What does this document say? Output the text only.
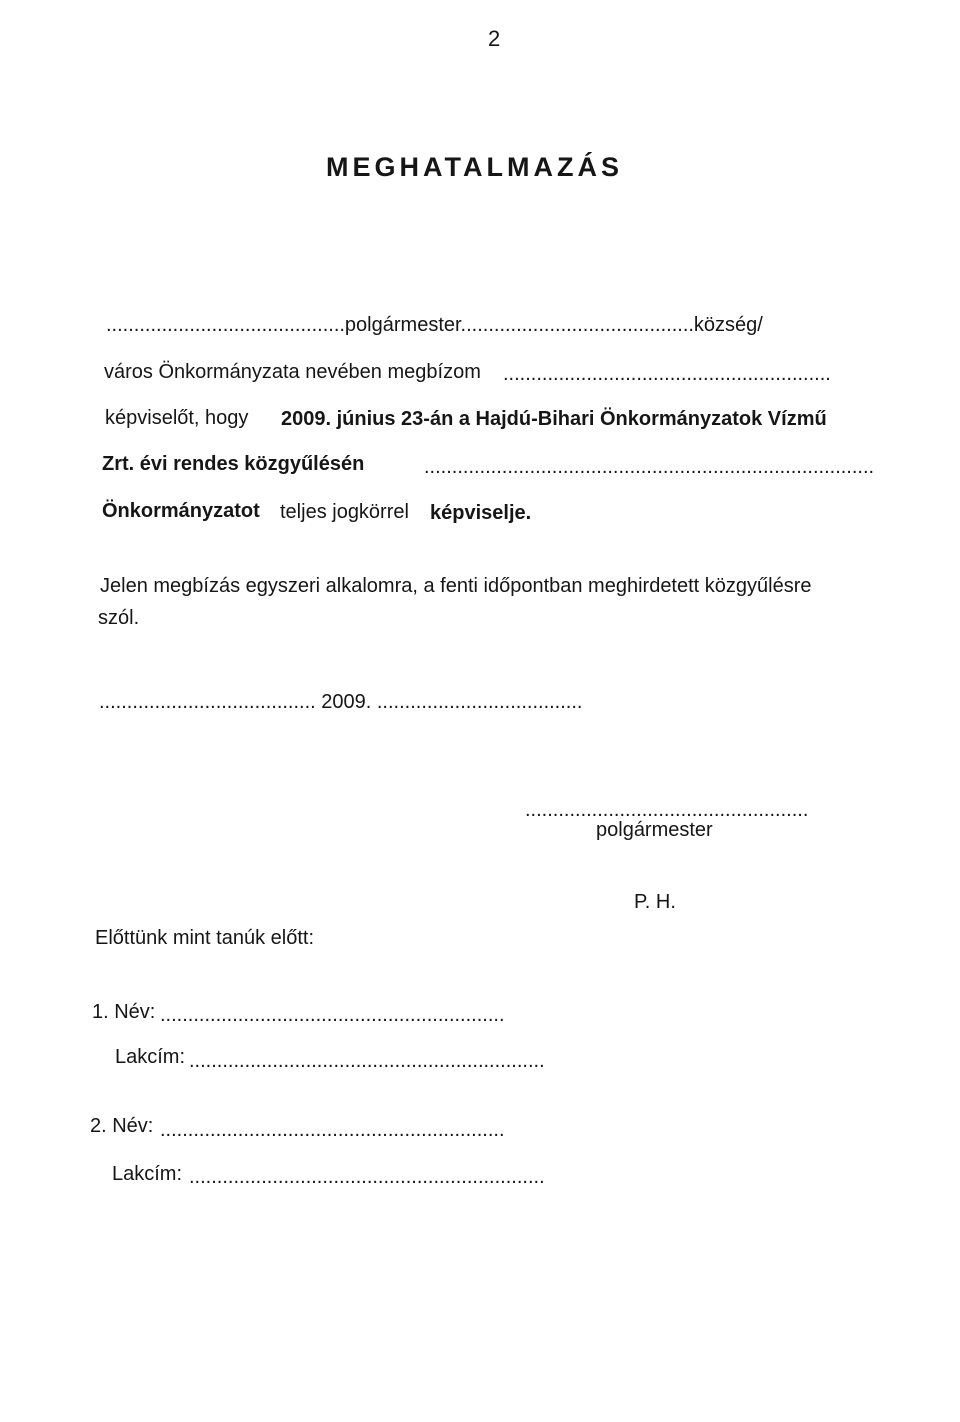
2
MEGHATALMAZÁS
...........................................polgármester..........................................község/
város Önkormányzata nevében megbízom ...........................................................
képviselőt, hogy 2009. június 23-án a Hajdú-Bihari Önkormányzatok Vízmű
Zrt. évi rendes közgyűlésén	.................................................................................
Önkormányzatot teljes jogkörrel képviselje.
Jelen megbízás egyszeri alkalomra, a fenti időpontban meghirdetett közgyűlésre
szól.
....................................... 2009. .....................................
...................................................
polgármester
P. H.
Előttünk mint tanúk előtt:
1. Név: ..............................................................
Lakcím: ................................................................
2. Név: ..............................................................
Lakcím: ................................................................
